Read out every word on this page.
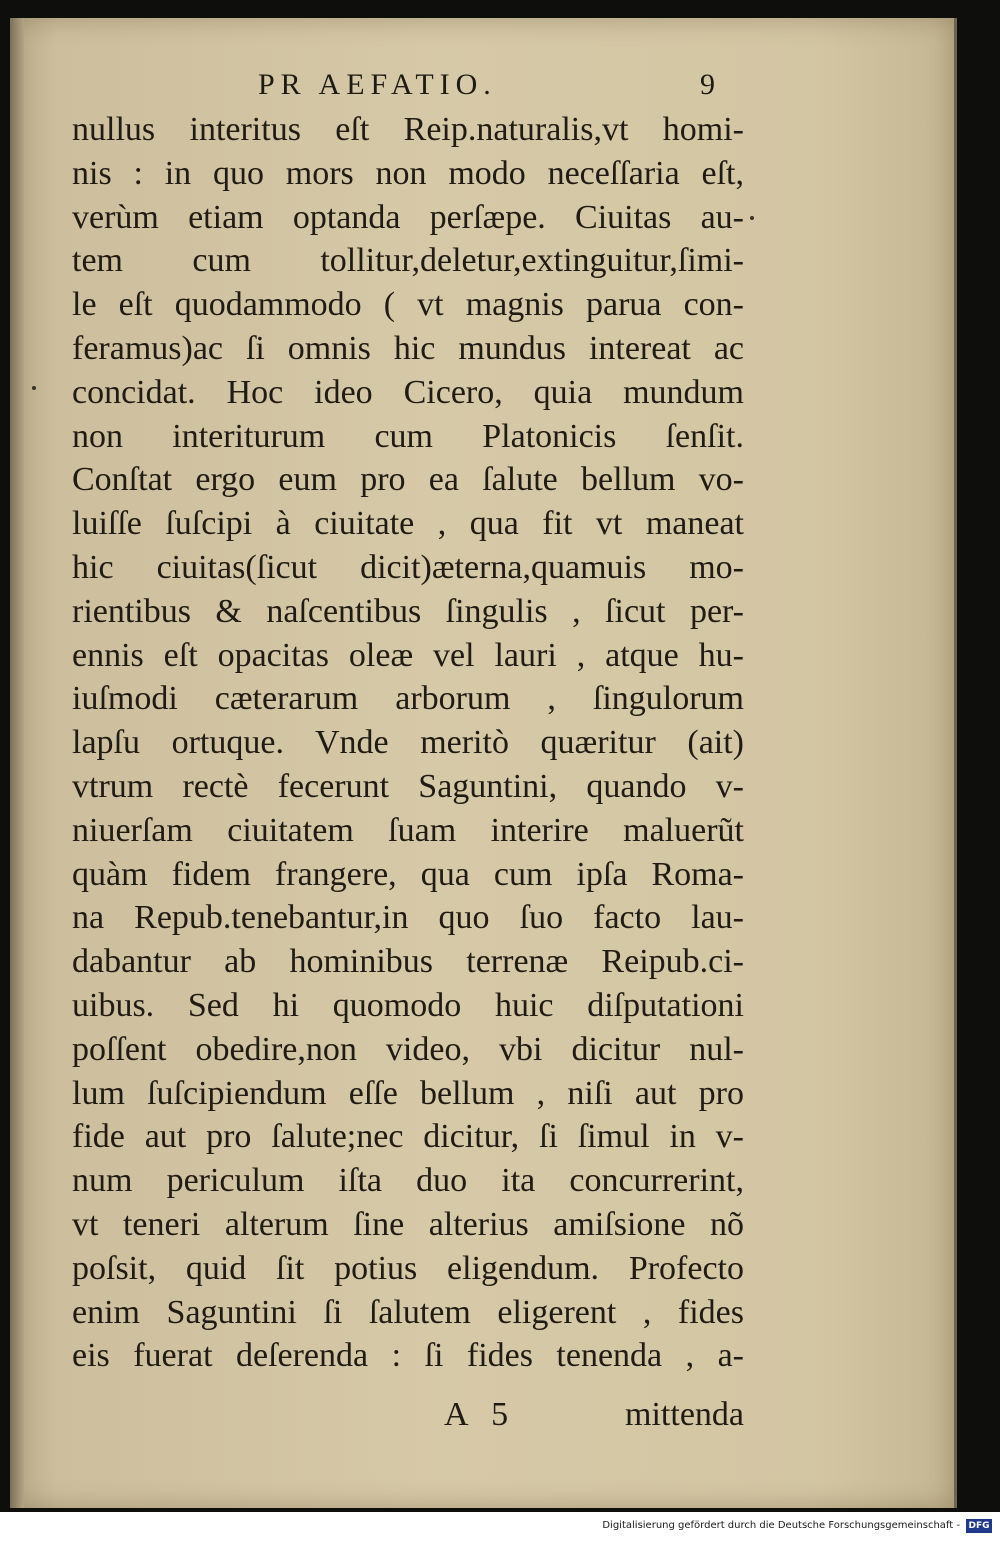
PR AEFATIO.	9
nullus interitus eſt Reip.naturalis,vt homi-
nis : in quo mors non modo neceſſaria eſt,
verùm etiam optanda perſæpe. Ciuitas au-
tem cum tollitur,deletur,extinguitur,ſimi-
le eſt quodammodo ( vt magnis parua con-
feramus)ac ſi omnis hic mundus intereat ac
concidat. Hoc ideo Cicero, quia mundum
non interiturum cum Platonicis ſenſit.
Conſtat ergo eum pro ea ſalute bellum vo-
luiſſe ſuſcipi à ciuitate , qua fit vt maneat
hic ciuitas(ſicut dicit)æterna,quamuis mo-
rientibus & naſcentibus ſingulis , ſicut per-
ennis eſt opacitas oleæ vel lauri , atque hu-
iuſmodi cæterarum arborum , ſingulorum
lapſu ortuque. Vnde meritò quæritur (ait)
vtrum rectè fecerunt Saguntini, quando v-
niuerſam ciuitatem ſuam interire maluerũt
quàm fidem frangere, qua cum ipſa Roma-
na Repub.tenebantur,in quo ſuo facto lau-
dabantur ab hominibus terrenæ Reipub.ci-
uibus. Sed hi quomodo huic diſputationi
poſſent obedire,non video, vbi dicitur nul-
lum ſuſcipiendum eſſe bellum , niſi aut pro
fide aut pro ſalute;nec dicitur, ſi ſimul in v-
num periculum iſta duo ita concurrerint,
vt teneri alterum ſine alterius amiſsione nõ
poſsit, quid ſit potius eligendum. Profecto
enim Saguntini ſi ſalutem eligerent , fides
eis fuerat deſerenda : ſi fides tenenda , a-
A 5	mittenda
Digitalisierung gefördert durch die Deutsche Forschungsgemeinschaft - DFG
